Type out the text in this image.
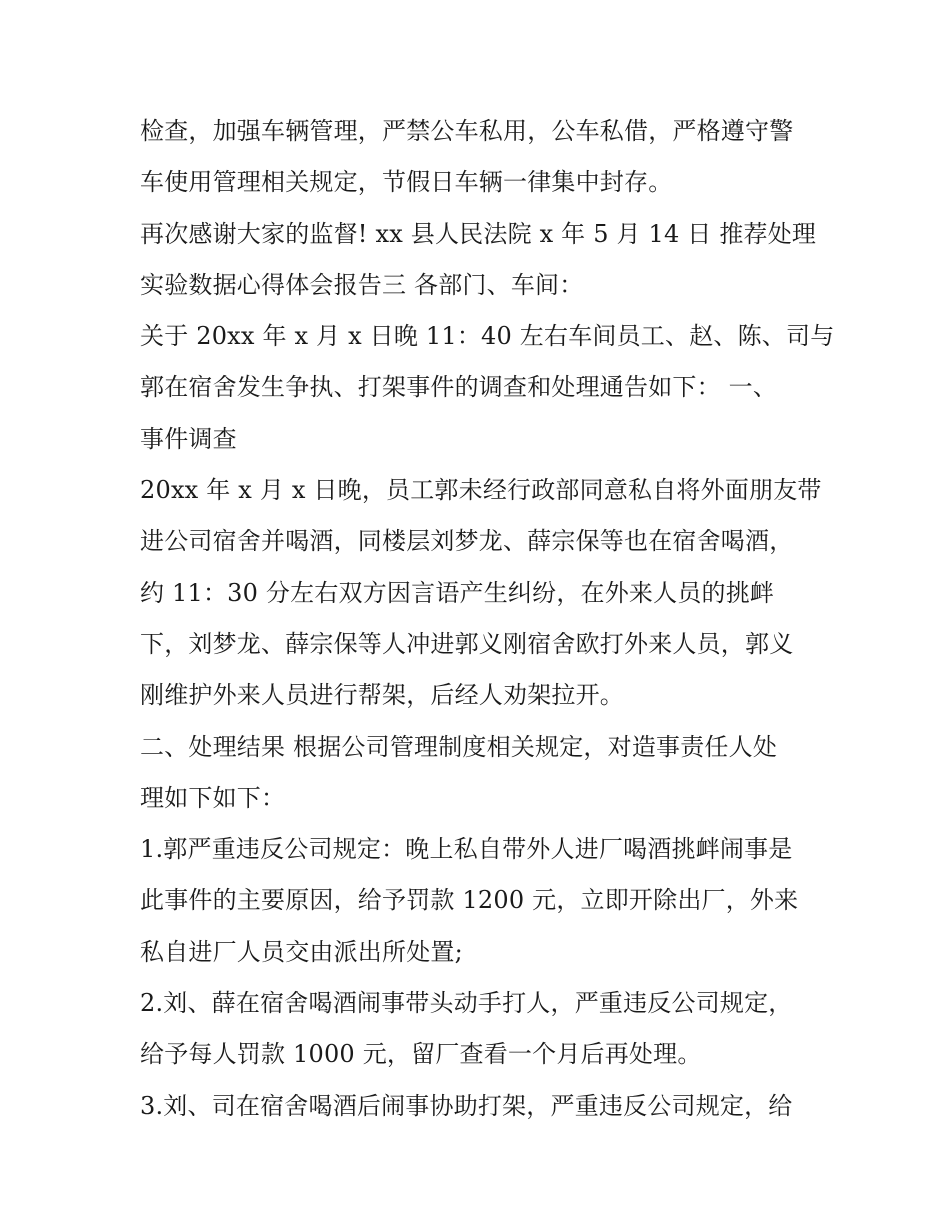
检查，加强车辆管理，严禁公车私用，公车私借，严格遵守警
车使用管理相关规定，节假日车辆一律集中封存。
再次感谢大家的监督! xx 县人民法院 x 年 5 月 14 日 推荐处理
实验数据心得体会报告三 各部门、车间：
关于 20xx 年 x 月 x 日晚 11：40 左右车间员工、赵、陈、司与
郭在宿舍发生争执、打架事件的调查和处理通告如下： 一、
事件调查
20xx 年 x 月 x 日晚，员工郭未经行政部同意私自将外面朋友带
进公司宿舍并喝酒，同楼层刘梦龙、薛宗保等也在宿舍喝酒，
约 11：30 分左右双方因言语产生纠纷，在外来人员的挑衅
下，刘梦龙、薛宗保等人冲进郭义刚宿舍欧打外来人员，郭义
刚维护外来人员进行帮架，后经人劝架拉开。
二、处理结果 根据公司管理制度相关规定，对造事责任人处
理如下如下：
1.郭严重违反公司规定：晚上私自带外人进厂喝酒挑衅闹事是
此事件的主要原因，给予罚款 1200 元，立即开除出厂，外来
私自进厂人员交由派出所处置;
2.刘、薛在宿舍喝酒闹事带头动手打人，严重违反公司规定，
给予每人罚款 1000 元，留厂查看一个月后再处理。
3.刘、司在宿舍喝酒后闹事协助打架，严重违反公司规定，给
